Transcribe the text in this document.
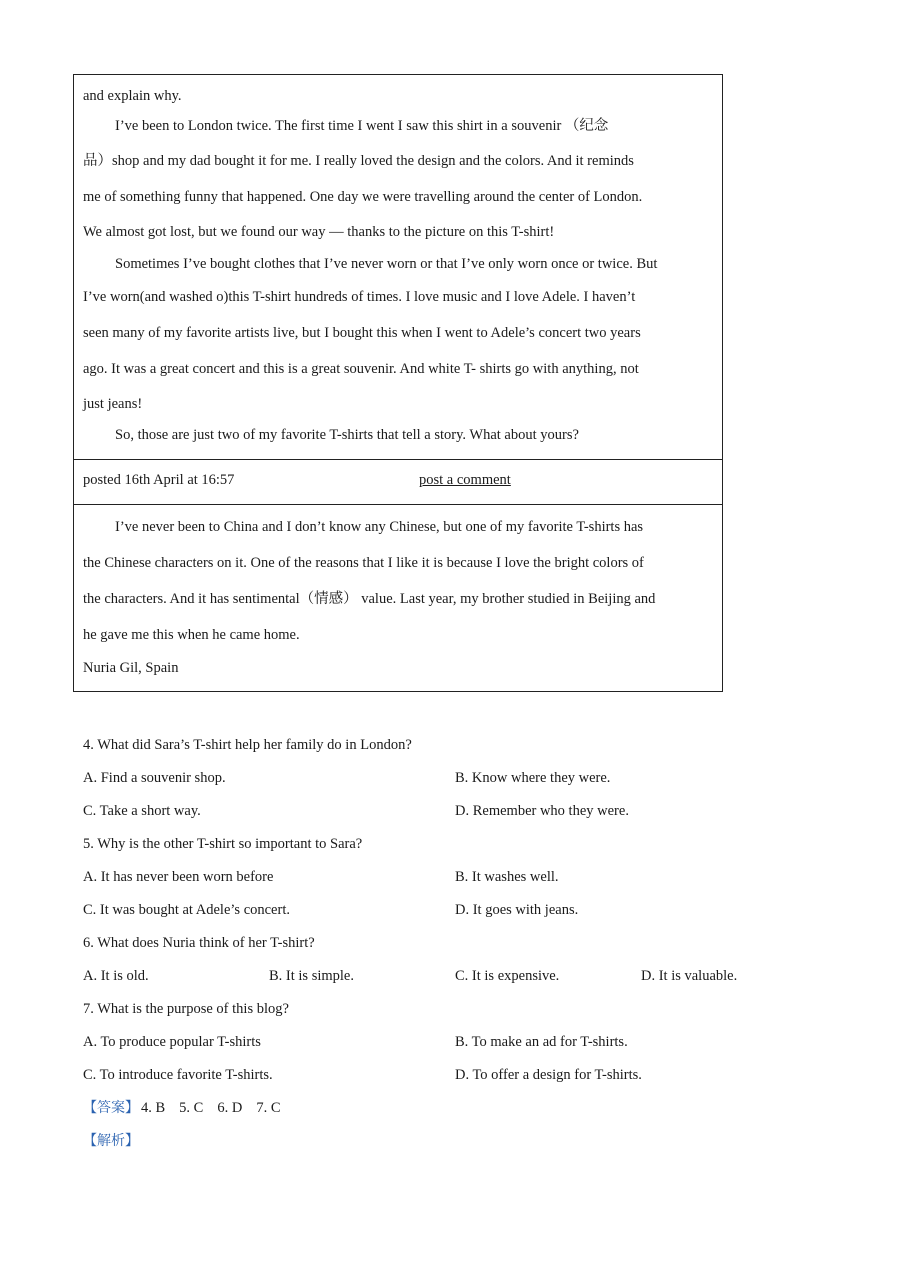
and explain why.

I’ve been to London twice. The first time I went I saw this shirt in a souvenir （纪念

品）shop and my dad bought it for me. I really loved the design and the colors. And it reminds

me of something funny that happened. One day we were travelling around the center of London.

We almost got lost, but we found our way — thanks to the picture on this T-shirt!

Sometimes I’ve bought clothes that I’ve never worn or that I’ve only worn once or twice. But

I’ve worn(and washed o)this T-shirt hundreds of times. I love music and I love Adele. I haven’t

seen many of my favorite artists live, but I bought this when I went to Adele’s concert two years

ago. It was a great concert and this is a great souvenir. And white T- shirts go with anything, not

just jeans!

So, those are just two of my favorite T-shirts that tell a story. What about yours?

posted 16th April at 16:57	post a comment

I’ve never been to China and I don’t know any Chinese, but one of my favorite T-shirts has

the Chinese characters on it. One of the reasons that I like it is because I love the bright colors of

the characters. And it has sentimental（情感） value. Last year, my brother studied in Beijing and

he gave me this when he came home.

Nuria Gil, Spain

4. What did Sara’s T-shirt help her family do in London?
A. Find a souvenir shop.	B. Know where they were.
C. Take a short way.	D. Remember who they were.
5. Why is the other T-shirt so important to Sara?
A. It has never been worn before	B. It washes well.
C. It was bought at Adele’s concert.	D. It goes with jeans.
6. What does Nuria think of her T-shirt?
A. It is old.	B. It is simple.	C. It is expensive.	D. It is valuable.
7. What is the purpose of this blog?
A. To produce popular T-shirts	B. To make an ad for T-shirts.
C. To introduce favorite T-shirts.	D. To offer a design for T-shirts.
【答案】 4. B 5. C 6. D 7. C
【解析】
